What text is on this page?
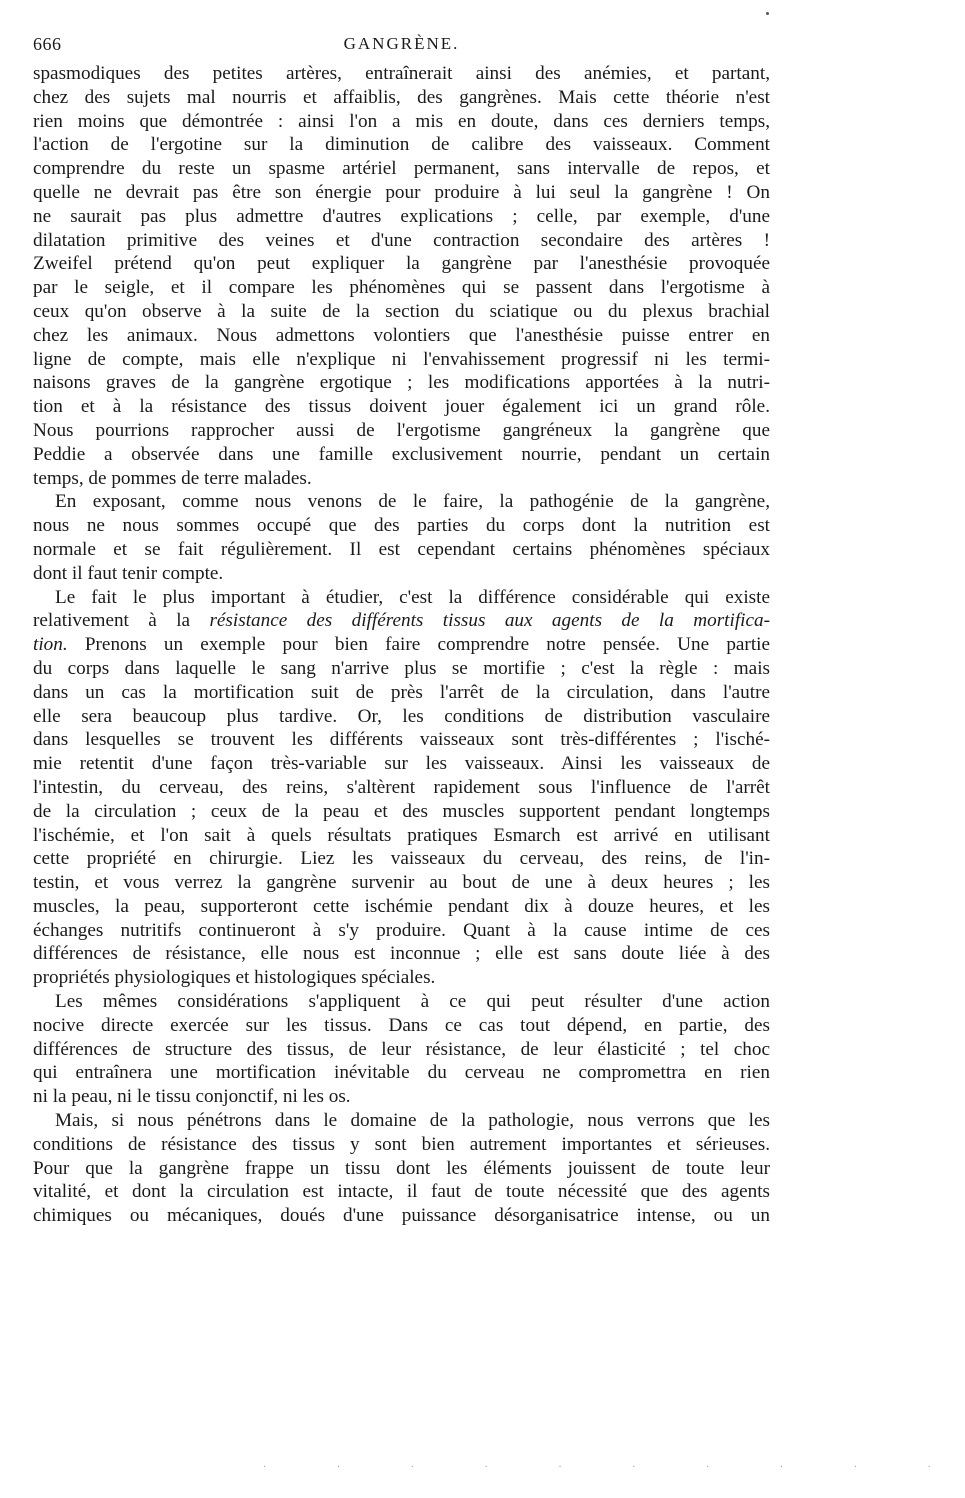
666	GANGRÈNE.

spasmodiques des petites artères, entraînerait ainsi des anémies, et partant,
chez des sujets mal nourris et affaiblis, des gangrènes. Mais cette théorie n'est
rien moins que démontrée : ainsi l'on a mis en doute, dans ces derniers temps,
l'action de l'ergotine sur la diminution de calibre des vaisseaux. Comment
comprendre du reste un spasme artériel permanent, sans intervalle de repos, et
quelle ne devrait pas être son énergie pour produire à lui seul la gangrène ! On
ne saurait pas plus admettre d'autres explications ; celle, par exemple, d'une
dilatation primitive des veines et d'une contraction secondaire des artères !
Zweifel prétend qu'on peut expliquer la gangrène par l'anesthésie provoquée
par le seigle, et il compare les phénomènes qui se passent dans l'ergotisme à
ceux qu'on observe à la suite de la section du sciatique ou du plexus brachial
chez les animaux. Nous admettons volontiers que l'anesthésie puisse entrer en
ligne de compte, mais elle n'explique ni l'envahissement progressif ni les termi-
naisons graves de la gangrène ergotique ; les modifications apportées à la nutri-
tion et à la résistance des tissus doivent jouer également ici un grand rôle.
Nous pourrions rapprocher aussi de l'ergotisme gangréneux la gangrène que
Peddie a observée dans une famille exclusivement nourrie, pendant un certain
temps, de pommes de terre malades.

En exposant, comme nous venons de le faire, la pathogénie de la gangrène,
nous ne nous sommes occupé que des parties du corps dont la nutrition est
normale et se fait régulièrement. Il est cependant certains phénomènes spéciaux
dont il faut tenir compte.

Le fait le plus important à étudier, c'est la différence considérable qui existe
relativement à la résistance des différents tissus aux agents de la mortifica-
tion. Prenons un exemple pour bien faire comprendre notre pensée. Une partie
du corps dans laquelle le sang n'arrive plus se mortifie ; c'est la règle : mais
dans un cas la mortification suit de près l'arrêt de la circulation, dans l'autre
elle sera beaucoup plus tardive. Or, les conditions de distribution vasculaire
dans lesquelles se trouvent les différents vaisseaux sont très-différentes ; l'isché-
mie retentit d'une façon très-variable sur les vaisseaux. Ainsi les vaisseaux de
l'intestin, du cerveau, des reins, s'altèrent rapidement sous l'influence de l'arrêt
de la circulation ; ceux de la peau et des muscles supportent pendant longtemps
l'ischémie, et l'on sait à quels résultats pratiques Esmarch est arrivé en utilisant
cette propriété en chirurgie. Liez les vaisseaux du cerveau, des reins, de l'in-
testin, et vous verrez la gangrène survenir au bout de une à deux heures ; les
muscles, la peau, supporteront cette ischémie pendant dix à douze heures, et les
échanges nutritifs continueront à s'y produire. Quant à la cause intime de ces
différences de résistance, elle nous est inconnue ; elle est sans doute liée à des
propriétés physiologiques et histologiques spéciales.

Les mêmes considérations s'appliquent à ce qui peut résulter d'une action
nocive directe exercée sur les tissus. Dans ce cas tout dépend, en partie, des
différences de structure des tissus, de leur résistance, de leur élasticité ; tel choc
qui entraînera une mortification inévitable du cerveau ne compromettra en rien
ni la peau, ni le tissu conjonctif, ni les os.

Mais, si nous pénétrons dans le domaine de la pathologie, nous verrons que les
conditions de résistance des tissus y sont bien autrement importantes et sérieuses.
Pour que la gangrène frappe un tissu dont les éléments jouissent de toute leur
vitalité, et dont la circulation est intacte, il faut de toute nécessité que des agents
chimiques ou mécaniques, doués d'une puissance désorganisatrice intense, ou un

· · · · · · · · · ·
